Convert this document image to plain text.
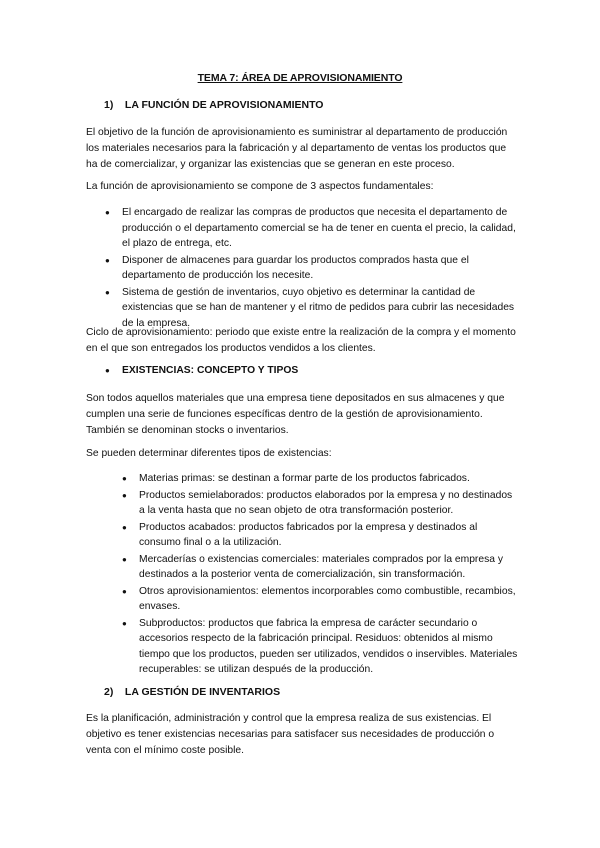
TEMA 7: ÁREA DE APROVISIONAMIENTO
1) LA FUNCIÓN DE APROVISIONAMIENTO
El objetivo de la función de aprovisionamiento es suministrar al departamento de producción los materiales necesarios para la fabricación y al departamento de ventas los productos que ha de comercializar, y organizar las existencias que se generan en este proceso.
La función de aprovisionamiento se compone de 3 aspectos fundamentales:
● El encargado de realizar las compras de productos que necesita el departamento de producción o el departamento comercial se ha de tener en cuenta el precio, la calidad, el plazo de entrega, etc.
● Disponer de almacenes para guardar los productos comprados hasta que el departamento de producción los necesite.
● Sistema de gestión de inventarios, cuyo objetivo es determinar la cantidad de existencias que se han de mantener y el ritmo de pedidos para cubrir las necesidades de la empresa.
Ciclo de aprovisionamiento: periodo que existe entre la realización de la compra y el momento en el que son entregados los productos vendidos a los clientes.
● EXISTENCIAS: CONCEPTO Y TIPOS
Son todos aquellos materiales que una empresa tiene depositados en sus almacenes y que cumplen una serie de funciones específicas dentro de la gestión de aprovisionamiento. También se denominan stocks o inventarios.
Se pueden determinar diferentes tipos de existencias:
● Materias primas: se destinan a formar parte de los productos fabricados.
● Productos semielaborados: productos elaborados por la empresa y no destinados a la venta hasta que no sean objeto de otra transformación posterior.
● Productos acabados: productos fabricados por la empresa y destinados al consumo final o a la utilización.
● Mercaderías o existencias comerciales: materiales comprados por la empresa y destinados a la posterior venta de comercialización, sin transformación.
● Otros aprovisionamientos: elementos incorporables como combustible, recambios, envases.
● Subproductos: productos que fabrica la empresa de carácter secundario o accesorios respecto de la fabricación principal. Residuos: obtenidos al mismo tiempo que los productos, pueden ser utilizados, vendidos o inservibles. Materiales recuperables: se utilizan después de la producción.
2) LA GESTIÓN DE INVENTARIOS
Es la planificación, administración y control que la empresa realiza de sus existencias. El objetivo es tener existencias necesarias para satisfacer sus necesidades de producción o venta con el mínimo coste posible.
